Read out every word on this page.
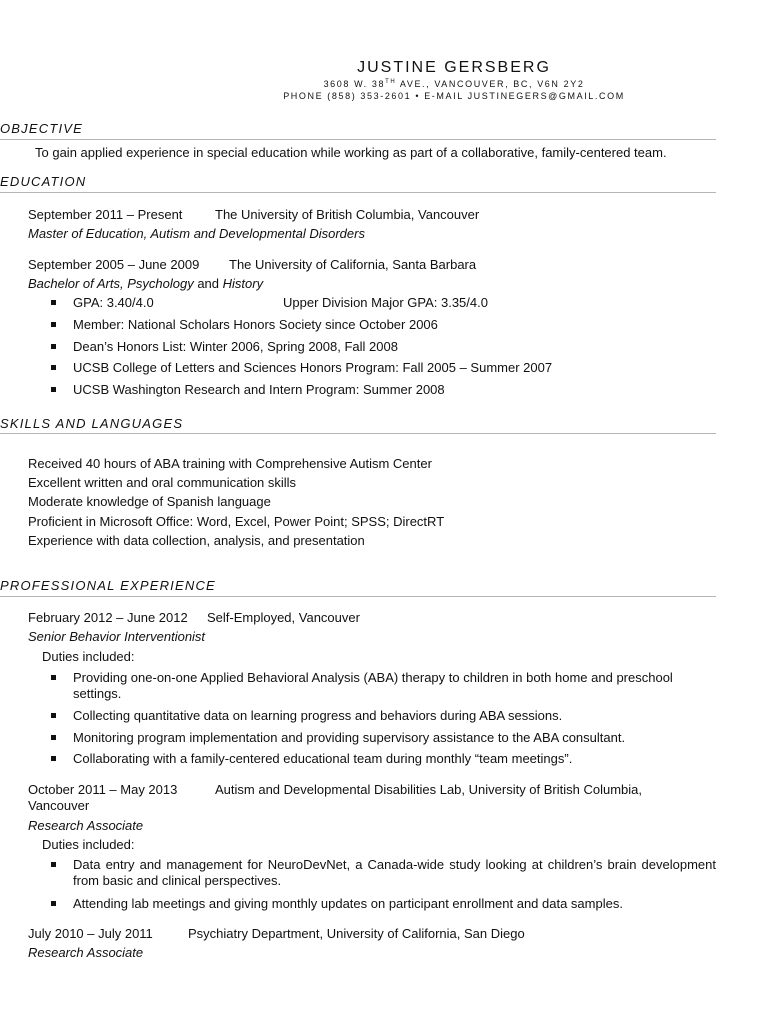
JUSTINE GERSBERG
3608 W. 38TH AVE., VANCOUVER, BC, V6N 2Y2
PHONE (858) 353-2601 • E-MAIL JUSTINEGERS@GMAIL.COM
OBJECTIVE
To gain applied experience in special education while working as part of a collaborative, family-centered team.
EDUCATION
September 2011 – Present	The University of British Columbia, Vancouver
Master of Education, Autism and Developmental Disorders
September 2005 – June 2009 The University of California, Santa Barbara
Bachelor of Arts, Psychology and History
GPA: 3.40/4.0	Upper Division Major GPA: 3.35/4.0
Member: National Scholars Honors Society since October 2006
Dean’s Honors List: Winter 2006, Spring 2008, Fall 2008
UCSB College of Letters and Sciences Honors Program: Fall 2005 – Summer 2007
UCSB Washington Research and Intern Program: Summer 2008
SKILLS AND LANGUAGES
Received 40 hours of ABA training with Comprehensive Autism Center
Excellent written and oral communication skills
Moderate knowledge of Spanish language
Proficient in Microsoft Office: Word, Excel, Power Point; SPSS; DirectRT
Experience with data collection, analysis, and presentation
PROFESSIONAL EXPERIENCE
February 2012 – June 2012 Self-Employed, Vancouver
Senior Behavior Interventionist
Duties included:
Providing one-on-one Applied Behavioral Analysis (ABA) therapy to children in both home and preschool settings.
Collecting quantitative data on learning progress and behaviors during ABA sessions.
Monitoring program implementation and providing supervisory assistance to the ABA consultant.
Collaborating with a family-centered educational team during monthly “team meetings”.
October 2011 – May 2013	Autism and Developmental Disabilities Lab, University of British Columbia,
Vancouver
Research Associate
Duties included:
Data entry and management for NeuroDevNet, a Canada-wide study looking at children’s brain development from basic and clinical perspectives.
Attending lab meetings and giving monthly updates on participant enrollment and data samples.
July 2010 – July 2011	Psychiatry Department, University of California, San Diego
Research Associate
